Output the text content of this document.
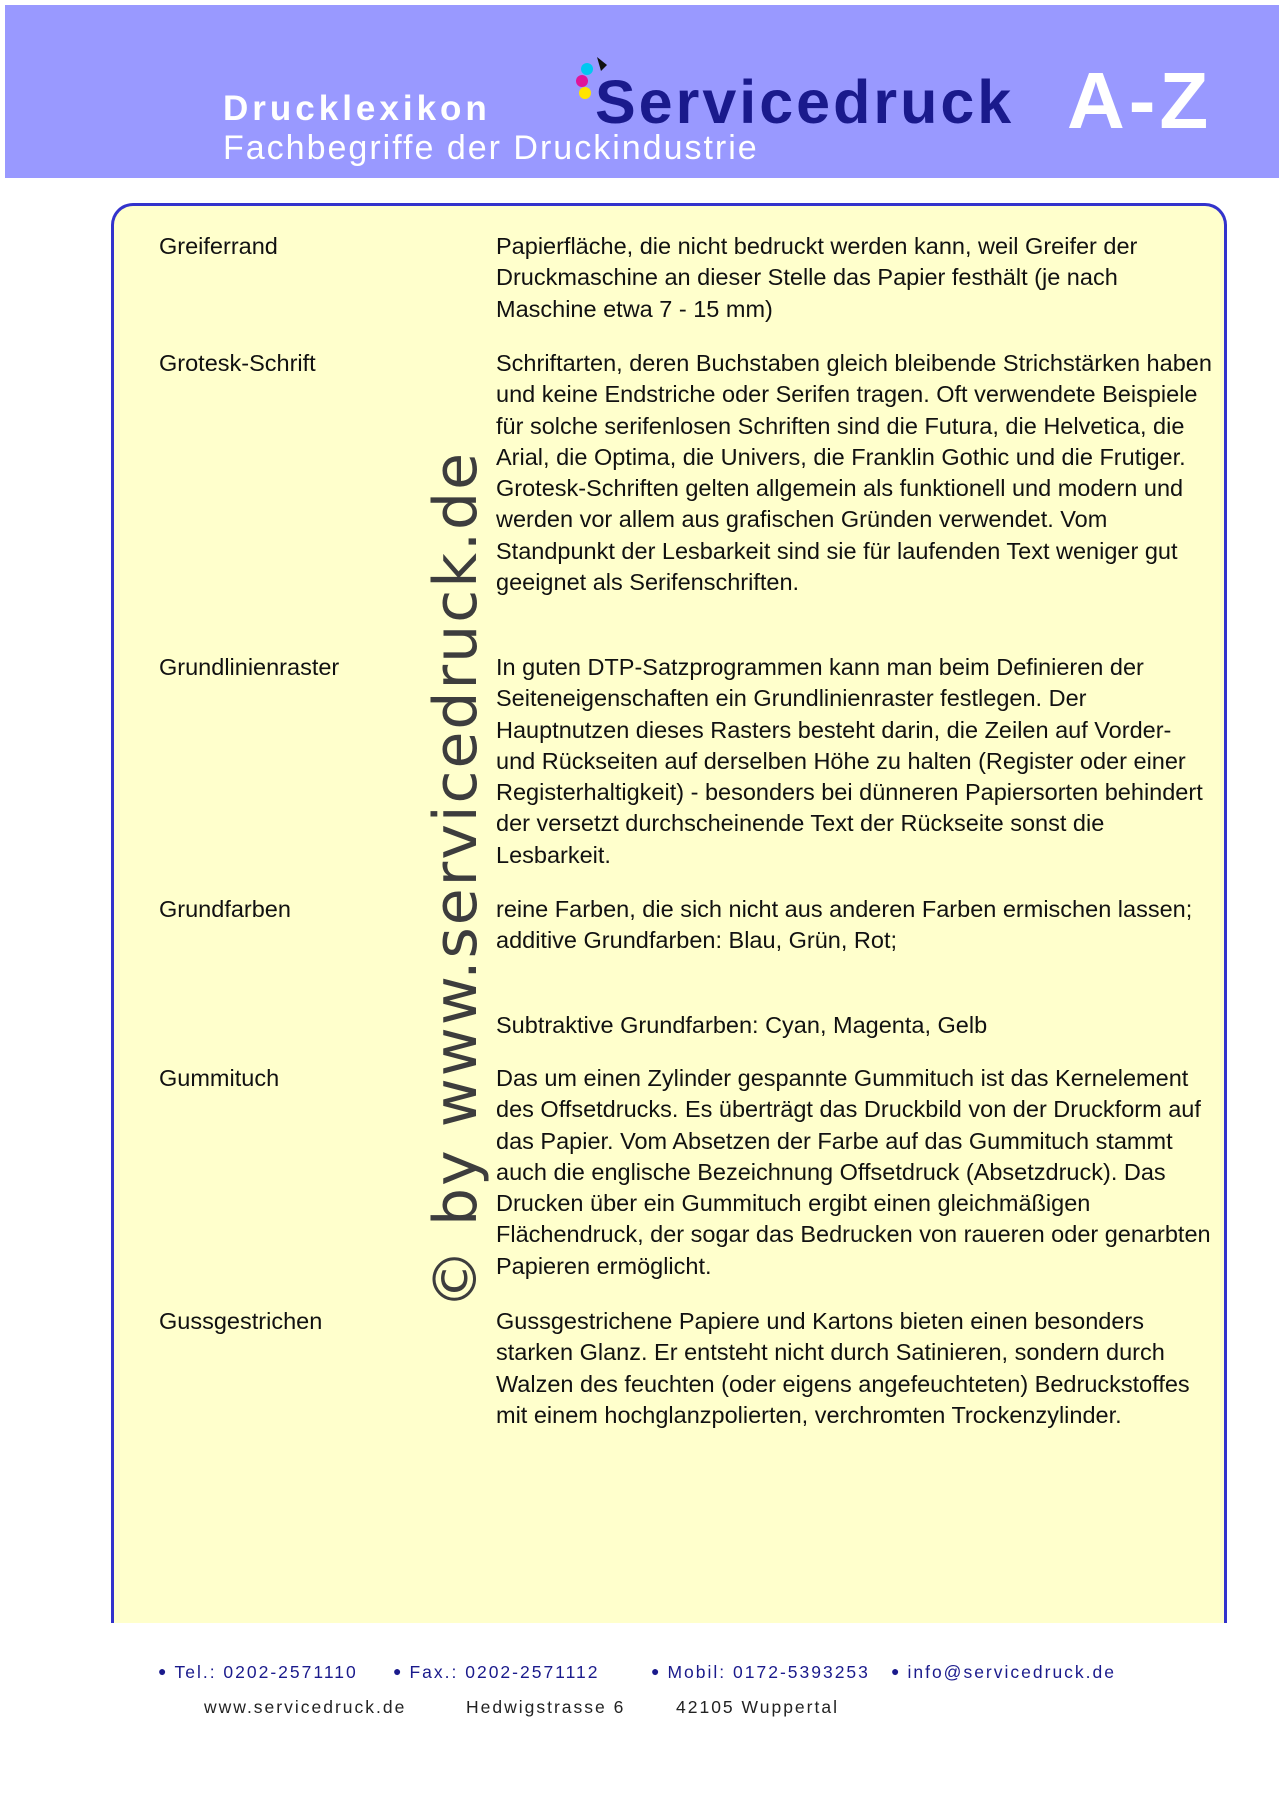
Drucklexikon
Fachbegriffe der Druckindustrie
Servicedruck A-Z
© by www.servicedruck.de
Greiferrand	Papierfläche, die nicht bedruckt werden kann, weil Greifer der Druckmaschine an dieser Stelle das Papier festhält (je nach Maschine etwa 7 - 15 mm)
Grotesk-Schrift	Schriftarten, deren Buchstaben gleich bleibende Strichstärken haben und keine Endstriche oder Serifen tragen. Oft verwendete Beispiele für solche serifenlosen Schriften sind die Futura, die Helvetica, die Arial, die Optima, die Univers, die Franklin Gothic und die Frutiger. Grotesk-Schriften gelten allgemein als funktionell und modern und werden vor allem aus grafischen Gründen verwendet. Vom Standpunkt der Lesbarkeit sind sie für laufenden Text weniger gut geeignet als Serifenschriften.
Grundlinienraster	In guten DTP-Satzprogrammen kann man beim Definieren der Seiteneigenschaften ein Grundlinienraster festlegen. Der Hauptnutzen dieses Rasters besteht darin, die Zeilen auf Vorder- und Rückseiten auf derselben Höhe zu halten (Register oder einer Registerhaltigkeit) - besonders bei dünneren Papiersorten behindert der versetzt durchscheinende Text der Rückseite sonst die Lesbarkeit.
Grundfarben	reine Farben, die sich nicht aus anderen Farben ermischen lassen; additive Grundfarben: Blau, Grün, Rot;
Subtraktive Grundfarben: Cyan, Magenta, Gelb
Gummituch	Das um einen Zylinder gespannte Gummituch ist das Kernelement des Offsetdrucks. Es überträgt das Druckbild von der Druckform auf das Papier. Vom Absetzen der Farbe auf das Gummituch stammt auch die englische Bezeichnung Offsetdruck (Absetzdruck). Das Drucken über ein Gummituch ergibt einen gleichmäßigen Flächendruck, der sogar das Bedrucken von raueren oder genarbten Papieren ermöglicht.
Gussgestrichen	Gussgestrichene Papiere und Kartons bieten einen besonders starken Glanz. Er entsteht nicht durch Satinieren, sondern durch Walzen des feuchten (oder eigens angefeuchteten) Bedruckstoffes mit einem hochglanzpolierten, verchromten Trockenzylinder.
● Tel.: 0202-2571110	● Fax.: 0202-2571112	● Mobil: 0172-5393253 ● info@servicedruck.de
www.servicedruck.de	Hedwigstrasse 6	42105 Wuppertal
